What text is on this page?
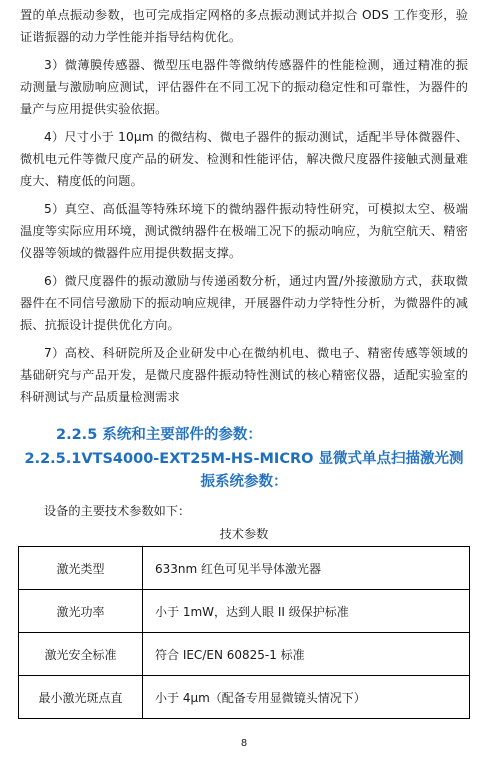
置的单点振动参数，也可完成指定网格的多点振动测试并拟合 ODS 工作变形，验证谐振器的动力学性能并指导结构优化。

3）微薄膜传感器、微型压电器件等微纳传感器件的性能检测，通过精准的振动测量与激励响应测试，评估器件在不同工况下的振动稳定性和可靠性，为器件的量产与应用提供实验依据。

4）尺寸小于 10μm 的微结构、微电子器件的振动测试，适配半导体微器件、微机电元件等微尺度产品的研发、检测和性能评估，解决微尺度器件接触式测量难度大、精度低的问题。

5）真空、高低温等特殊环境下的微纳器件振动特性研究，可模拟太空、极端温度等实际应用环境，测试微纳器件在极端工况下的振动响应，为航空航天、精密仪器等领域的微器件应用提供数据支撑。

6）微尺度器件的振动激励与传递函数分析，通过内置/外接激励方式，获取微器件在不同信号激励下的振动响应规律，开展器件动力学特性分析，为微器件的减振、抗振设计提供优化方向。

7）高校、科研院所及企业研发中心在微纳机电、微电子、精密传感等领域的基础研究与产品开发，是微尺度器件振动特性测试的核心精密仪器，适配实验室的科研测试与产品质量检测需求

2.2.5 系统和主要部件的参数：
2.2.5.1VTS4000-EXT25M-HS-MICRO 显微式单点扫描激光测振系统参数：
设备的主要技术参数如下：
技术参数
激光类型	633nm 红色可见半导体激光器
激光功率	小于 1mW，达到人眼 II 级保护标准
激光安全标准	符合 IEC/EN 60825-1 标准
最小激光斑点直	小于 4μm（配备专用显微镜头情况下）
8
